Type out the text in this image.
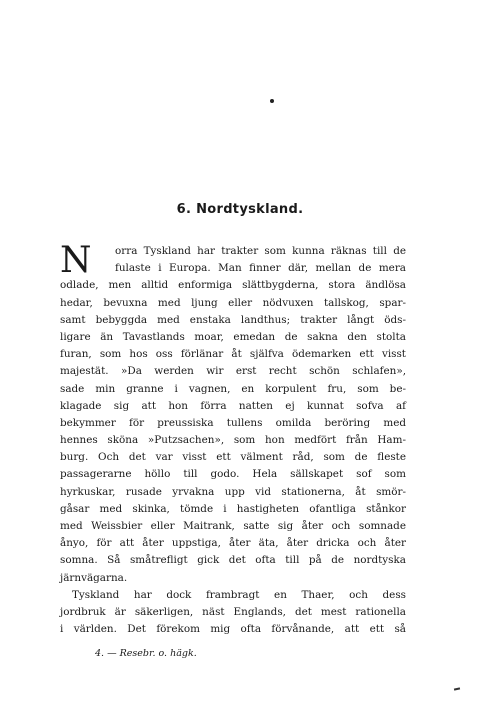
6. Nordtyskland.
N	orra Tyskland har trakter som kunna räknas till de
fulaste i Europa. Man finner där, mellan de mera
odlade, men alltid enformiga slättbygderna, stora ändlösa
hedar, bevuxna med ljung eller nödvuxen tallskog, spar-
samt bebyggda med enstaka landthus; trakter långt öds-
ligare än Tavastlands moar, emedan de sakna den stolta
furan, som hos oss förlänar åt själfva ödemarken ett visst
majestät. »Da werden wir erst recht schön schlafen»,
sade min granne i vagnen, en korpulent fru, som be-
klagade sig att hon förra natten ej kunnat sofva af
bekymmer för preussiska tullens omilda beröring med
hennes sköna »Putzsachen», som hon medfört från Ham-
burg. Och det var visst ett välment råd, som de fleste
passagerarne höllo till godo. Hela sällskapet sof som
hyrkuskar, rusade yrvakna upp vid stationerna, åt smör-
gåsar med skinka, tömde i hastigheten ofantliga stånkor
med Weissbier eller Maitrank, satte sig åter och somnade
ånyo, för att åter uppstiga, åter äta, åter dricka och åter
somna. Så småtrefligt gick det ofta till på de nordtyska
järnvägarna.
Tyskland har dock frambragt en Thaer, och dess
jordbruk är säkerligen, näst Englands, det mest rationella
i världen. Det förekom mig ofta förvånande, att ett så
4. — Resebr. o. hägk.
